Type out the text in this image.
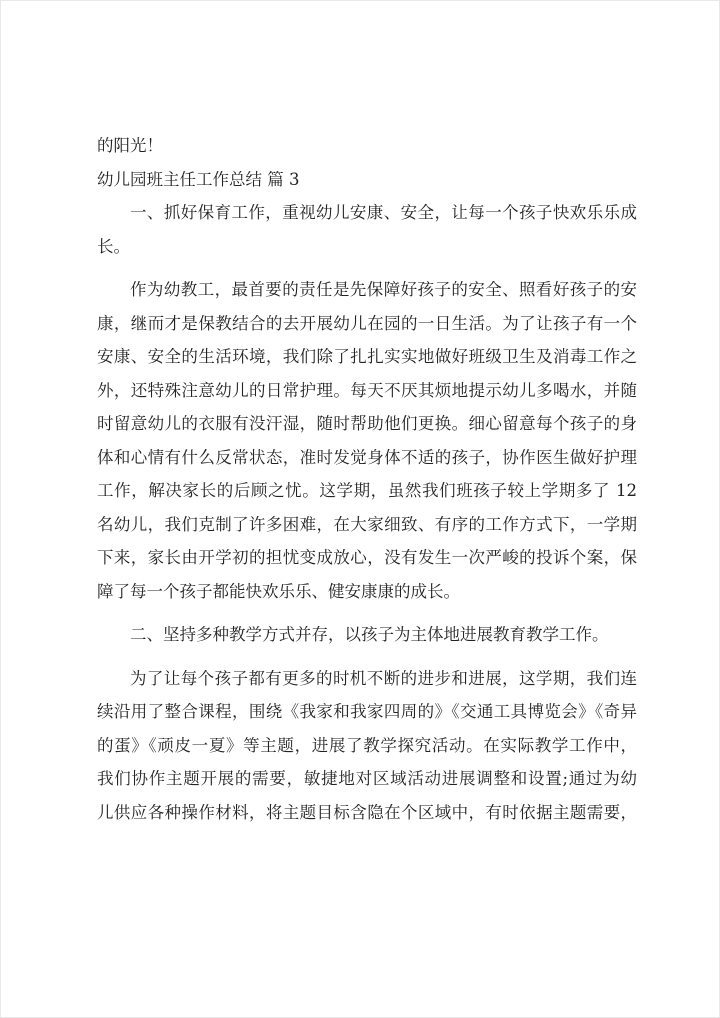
的阳光！
幼儿园班主任工作总结 篇 3
一、抓好保育工作，重视幼儿安康、安全，让每一个孩子快欢乐乐成
长。
作为幼教工，最首要的责任是先保障好孩子的安全、照看好孩子的安
康，继而才是保教结合的去开展幼儿在园的一日生活。为了让孩子有一个
安康、安全的生活环境，我们除了扎扎实实地做好班级卫生及消毒工作之
外，还特殊注意幼儿的日常护理。每天不厌其烦地提示幼儿多喝水，并随
时留意幼儿的衣服有没汗湿，随时帮助他们更换。细心留意每个孩子的身
体和心情有什么反常状态，准时发觉身体不适的孩子，协作医生做好护理
工作，解决家长的后顾之忧。这学期，虽然我们班孩子较上学期多了 12
名幼儿，我们克制了许多困难，在大家细致、有序的工作方式下，一学期
下来，家长由开学初的担忧变成放心，没有发生一次严峻的投诉个案，保
障了每一个孩子都能快欢乐乐、健安康康的成长。
二、坚持多种教学方式并存，以孩子为主体地进展教育教学工作。
为了让每个孩子都有更多的时机不断的进步和进展，这学期，我们连
续沿用了整合课程，围绕《我家和我家四周的》《交通工具博览会》《奇异
的蛋》《顽皮一夏》等主题，进展了教学探究活动。在实际教学工作中，
我们协作主题开展的需要，敏捷地对区域活动进展调整和设置;通过为幼
儿供应各种操作材料，将主题目标含隐在个区域中，有时依据主题需要，
